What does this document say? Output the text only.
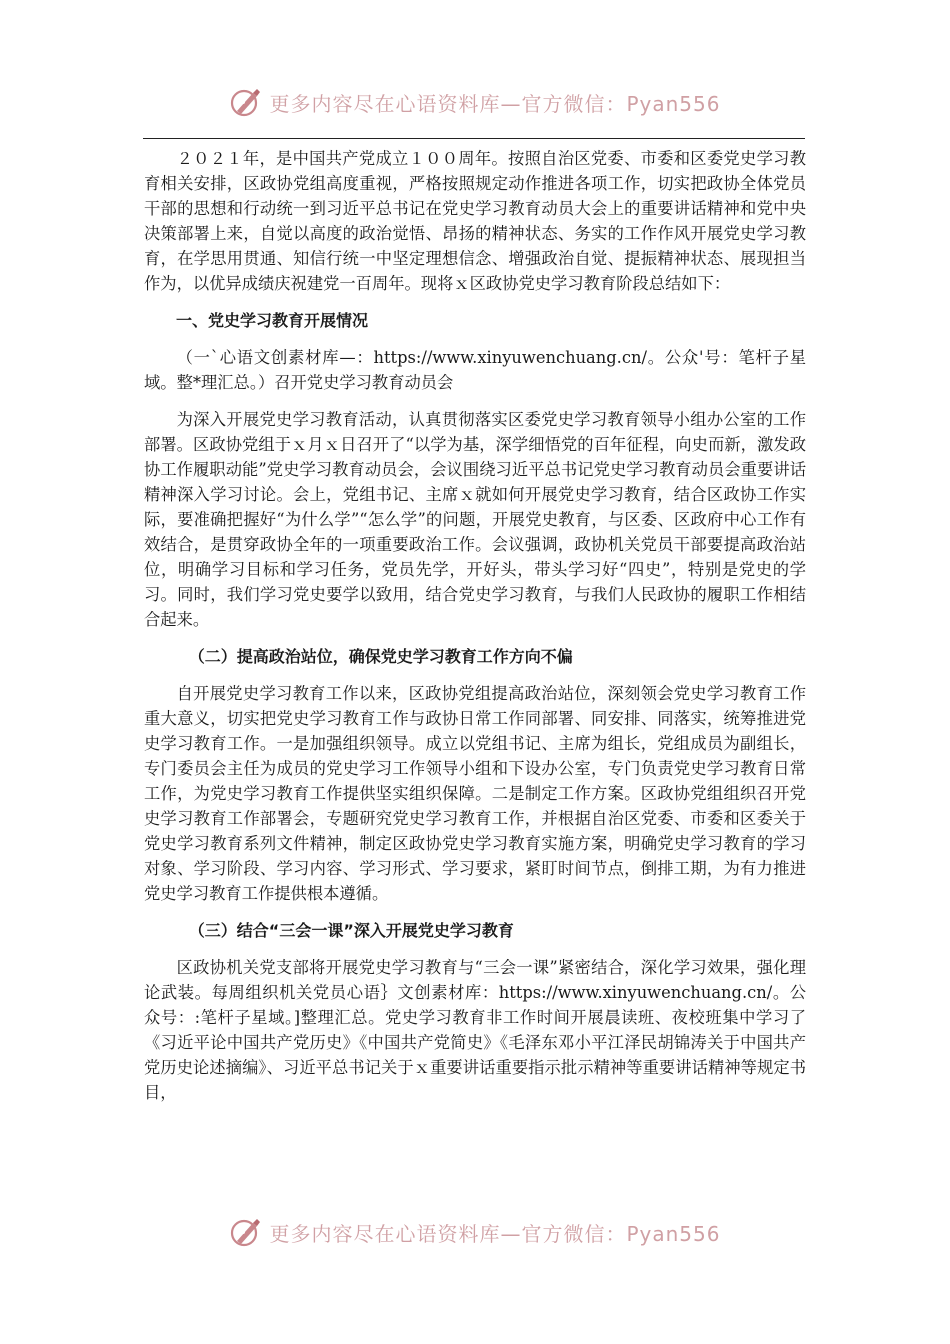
更多内容尽在心语资料库—官方微信：Pyan556

２０２１年，是中国共产党成立１００周年。按照自治区党委、市委和区委党史学习教育相关安排，区政协党组高度重视，严格按照规定动作推进各项工作，切实把政协全体党员干部的思想和行动统一到习近平总书记在党史学习教育动员大会上的重要讲话精神和党中央决策部署上来，自觉以高度的政治觉悟、昂扬的精神状态、务实的工作作风开展党史学习教育，在学思用贯通、知信行统一中坚定理想信念、增强政治自觉、提振精神状态、展现担当作为，以优异成绩庆祝建党一百周年。现将ｘ区政协党史学习教育阶段总结如下：

一、党史学习教育开展情况

（一`心语文创素材库—：https://www.xinyuwenchuang.cn/。公众'号：笔杆子星域。整*理汇总。）召开党史学习教育动员会

为深入开展党史学习教育活动，认真贯彻落实区委党史学习教育领导小组办公室的工作部署。区政协党组于ｘ月ｘ日召开了“以学为基，深学细悟党的百年征程，向史而新，激发政协工作履职动能”党史学习教育动员会，会议围绕习近平总书记党史学习教育动员会重要讲话精神深入学习讨论。会上，党组书记、主席ｘ就如何开展党史学习教育，结合区政协工作实际，要准确把握好“为什么学”“怎么学”的问题，开展党史教育，与区委、区政府中心工作有效结合，是贯穿政协全年的一项重要政治工作。会议强调，政协机关党员干部要提高政治站位，明确学习目标和学习任务，党员先学，开好头，带头学习好“四史”，特别是党史的学习。同时，我们学习党史要学以致用，结合党史学习教育，与我们人民政协的履职工作相结合起来。

（二）提高政治站位，确保党史学习教育工作方向不偏

自开展党史学习教育工作以来，区政协党组提高政治站位，深刻领会党史学习教育工作重大意义，切实把党史学习教育工作与政协日常工作同部署、同安排、同落实，统筹推进党史学习教育工作。一是加强组织领导。成立以党组书记、主席为组长，党组成员为副组长，专门委员会主任为成员的党史学习工作领导小组和下设办公室，专门负责党史学习教育日常工作，为党史学习教育工作提供坚实组织保障。二是制定工作方案。区政协党组组织召开党史学习教育工作部署会，专题研究党史学习教育工作，并根据自治区党委、市委和区委关于党史学习教育系列文件精神，制定区政协党史学习教育实施方案，明确党史学习教育的学习对象、学习阶段、学习内容、学习形式、学习要求，紧盯时间节点，倒排工期，为有力推进党史学习教育工作提供根本遵循。

（三）结合“三会一课”深入开展党史学习教育

区政协机关党支部将开展党史学习教育与“三会一课”紧密结合，深化学习效果，强化理论武装。每周组织机关党员心语｝文创素材库：https://www.xinyuwenchuang.cn/。公众号：:笔杆子星域。]整理汇总。党史学习教育非工作时间开展晨读班、夜校班集中学习了《习近平论中国共产党历史》《中国共产党简史》《毛泽东邓小平江泽民胡锦涛关于中国共产党历史论述摘编》、习近平总书记关于ｘ重要讲话重要指示批示精神等重要讲话精神等规定书目，

更多内容尽在心语资料库—官方微信：Pyan556
